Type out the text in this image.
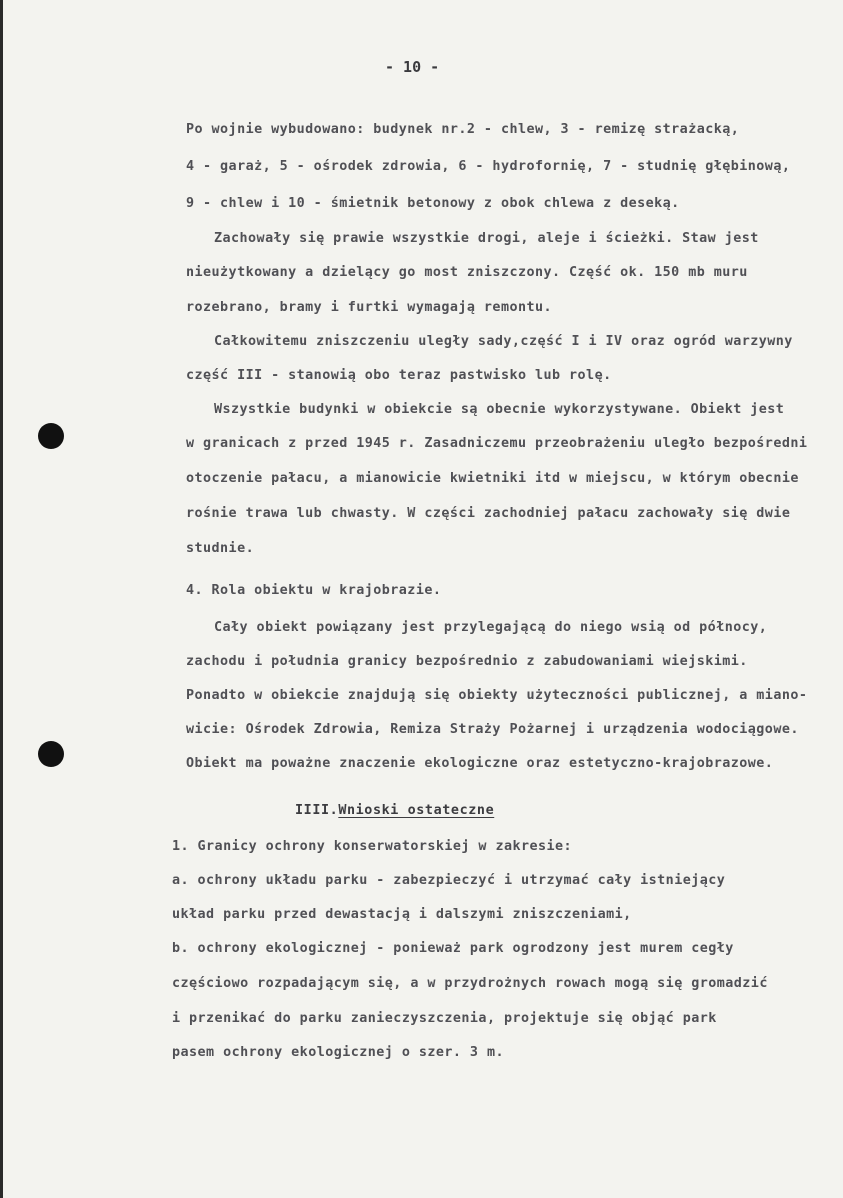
- 10 -
Po wojnie wybudowano: budynek nr.2 - chlew, 3 - remizę strażacką,
4 - garaż, 5 - ośrodek zdrowia, 6 - hydrofornię, 7 - studnię głębinową,
9 - chlew i 10 - śmietnik betonowy z obok chlewa z deseką.
Zachowały się prawie wszystkie drogi, aleje i ścieżki. Staw jest
nieużytkowany a dzielący go most zniszczony. Część ok. 150 mb muru
rozebrano, bramy i furtki wymagają remontu.
Całkowitemu zniszczeniu uległy sady,część I i IV oraz ogród warzywny
część III - stanowią obo teraz pastwisko lub rolę.
Wszystkie budynki w obiekcie są obecnie wykorzystywane. Obiekt jest
w granicach z przed 1945 r. Zasadniczemu przeobrażeniu uległo bezpośredni
otoczenie pałacu, a mianowicie kwietniki itd w miejscu, w którym obecnie
rośnie trawa lub chwasty. W części zachodniej pałacu zachowały się dwie
studnie.
4. Rola obiektu w krajobrazie.
Cały obiekt powiązany jest przylegającą do niego wsią od północy,
zachodu i południa granicy bezpośrednio z zabudowaniami wiejskimi.
Ponadto w obiekcie znajdują się obiekty użyteczności publicznej, a miano-
wicie: Ośrodek Zdrowia, Remiza Straży Pożarnej i urządzenia wodociągowe.
Obiekt ma poważne znaczenie ekologiczne oraz estetyczno-krajobrazowe.
IIII.Wnioski ostateczne
1. Granicy ochrony konserwatorskiej w zakresie:
a. ochrony układu parku - zabezpieczyć i utrzymać cały istniejący
układ parku przed dewastacją i dalszymi zniszczeniami,
b. ochrony ekologicznej - ponieważ park ogrodzony jest murem cegły
częściowo rozpadającym się, a w przydrożnych rowach mogą się gromadzić
i przenikać do parku zanieczyszczenia, projektuje się objąć park
pasem ochrony ekologicznej o szer. 3 m.
